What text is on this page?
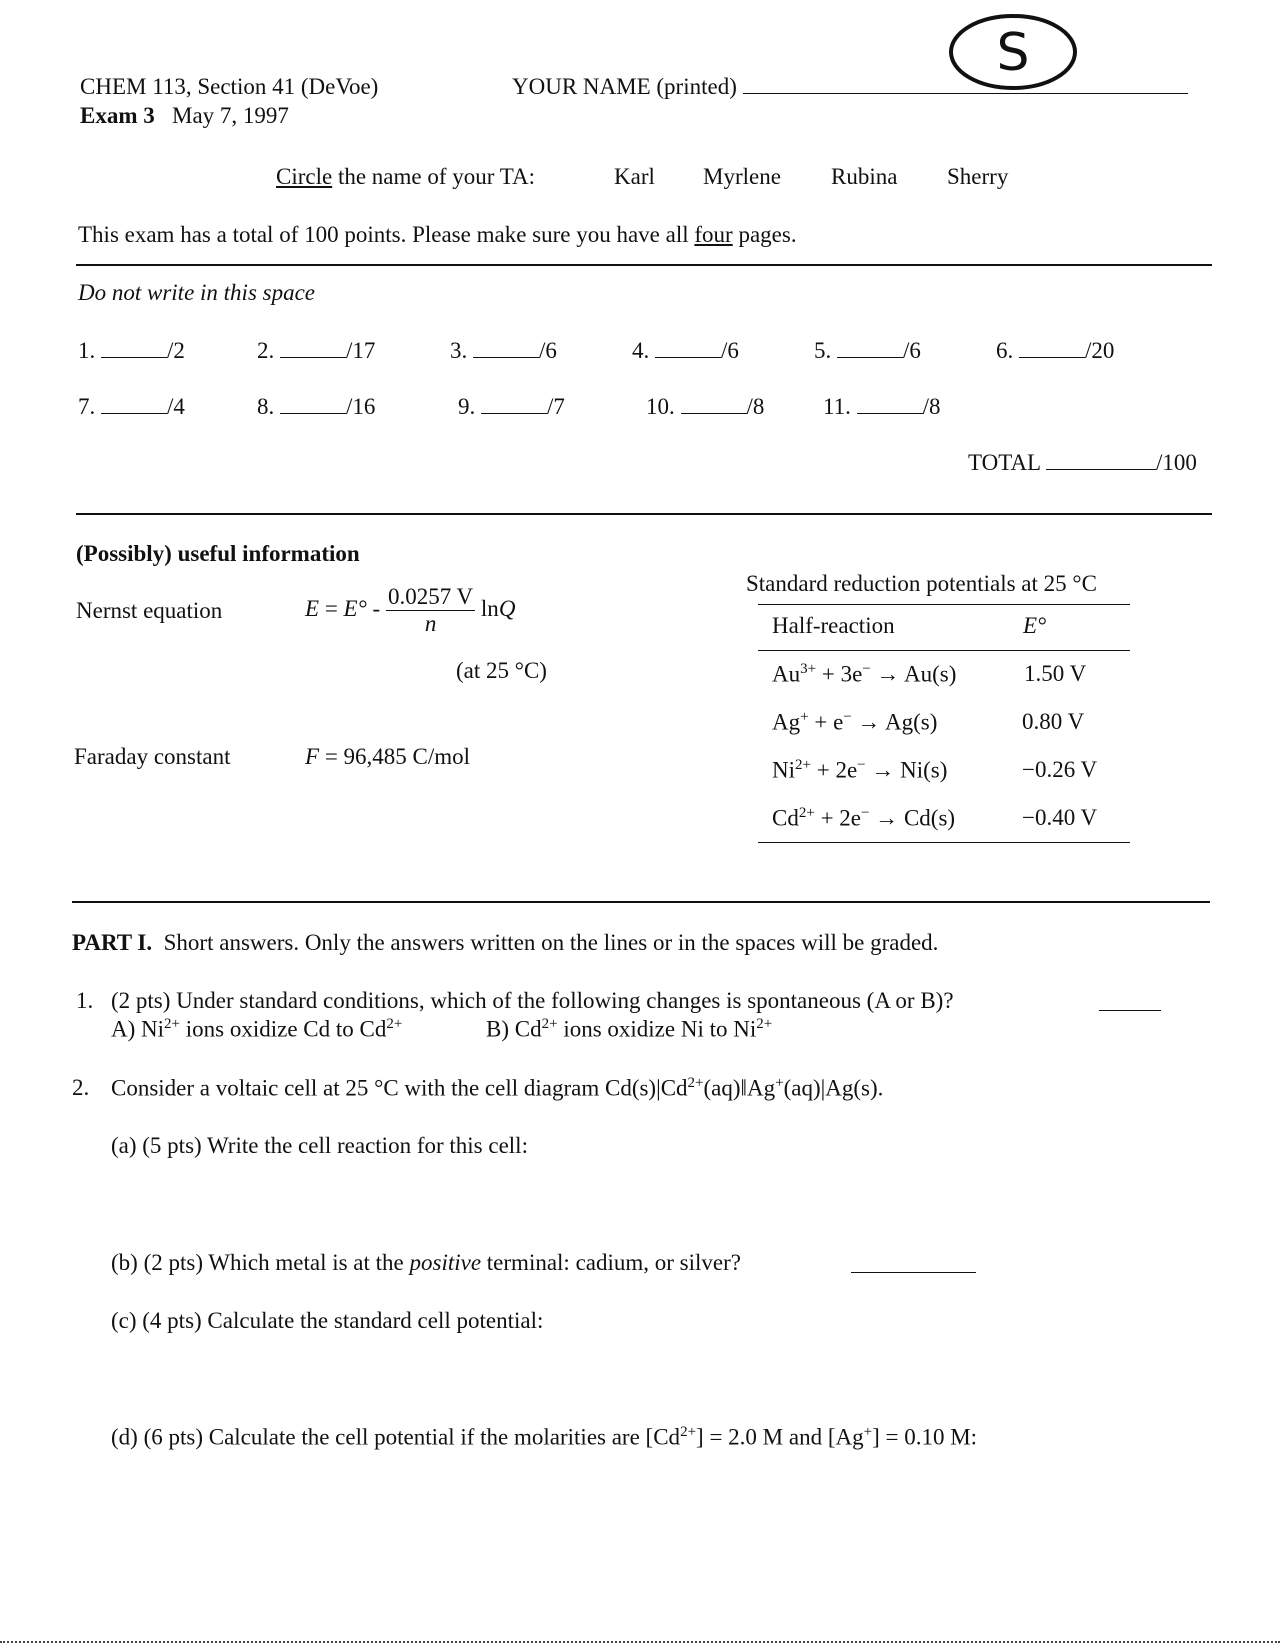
CHEM 113, Section 41 (DeVoe)
Exam 3 May 7, 1997
YOUR NAME (printed)
S
Circle the name of your TA:	Karl Myrlene Rubina Sherry
This exam has a total of 100 points. Please make sure you have all four pages.
Do not write in this space
1.	/2	2.	/17	3.	/6	4.	/6	5.	/6	6.	/20
7.	/4	8.	/16	9.	/7	10.	/8	11.	/8
TOTAL	/100
(Possibly) useful information
Nernst equation	$E = E^\circ - \frac{0.0257 V}{n}$ lnQ
(at 25 °C)
Faraday constant	F = 96,485 C/mol
Standard reduction potentials at 25 °C
Half-reaction	E°
$Au^{3+} + 3e^- \to Au(s)$	1.50 V
Ag+ + e− → Ag(s)	0.80 V
$Ni^{2+} + 2e^- \to Ni(s)$	−0.26 V
$Cd^{2+} + 2e^- \to Cd(s)$	−0.40 V
PART I. Short answers. Only the answers written on the lines or in the spaces will be graded.
1. (2 pts) Under standard conditions, which of the following changes is spontaneous (A or B)?
A) $Ni^{2+}$ ions oxidize Cd to $Cd^{2+}$	B) $Cd^{2+}$ ions oxidize Ni to $Ni^{2+}$
2. Consider a voltaic cell at 25 °C with the cell diagram $Cd(s)|Cd^{2+}(aq)‖Ag^+(aq)|Ag(s)$.
(a) (5 pts) Write the cell reaction for this cell:
(b) (2 pts) Which metal is at the positive terminal: cadium, or silver?
(c) (4 pts) Calculate the standard cell potential:
(d) (6 pts) Calculate the cell potential if the molarities are $[Cd^{2+}] = 2.0$ M and [Ag+] = 0.10 M:
